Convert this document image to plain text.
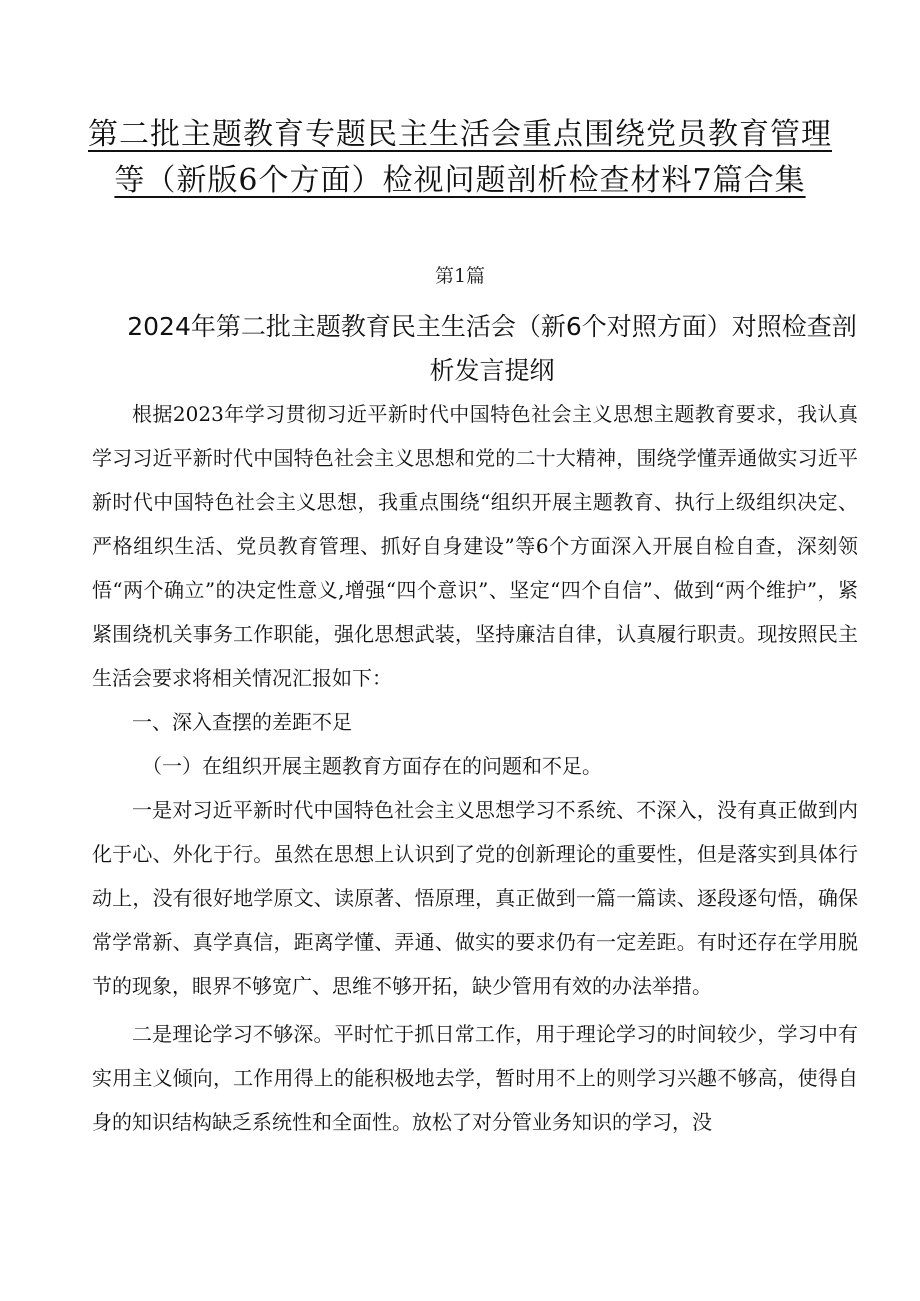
第二批主题教育专题民主生活会重点围绕党员教育管理
等（新版6个方面）检视问题剖析检查材料7篇合集
第1篇
2024年第二批主题教育民主生活会（新6个对照方面）对照检查剖析发言提纲

根据2023年学习贯彻习近平新时代中国特色社会主义思想主题教育要求，我认真学习习近平新时代中国特色社会主义思想和党的二十大精神，围绕学懂弄通做实习近平新时代中国特色社会主义思想，我重点围绕“组织开展主题教育、执行上级组织决定、严格组织生活、党员教育管理、抓好自身建设”等6个方面深入开展自检自查，深刻领悟“两个确立”的决定性意义,增强“四个意识”、坚定“四个自信”、做到“两个维护”，紧紧围绕机关事务工作职能，强化思想武装，坚持廉洁自律，认真履行职责。现按照民主生活会要求将相关情况汇报如下：

一、深入查摆的差距不足

（一）在组织开展主题教育方面存在的问题和不足。

一是对习近平新时代中国特色社会主义思想学习不系统、不深入，没有真正做到内化于心、外化于行。虽然在思想上认识到了党的创新理论的重要性，但是落实到具体行动上，没有很好地学原文、读原著、悟原理，真正做到一篇一篇读、逐段逐句悟，确保常学常新、真学真信，距离学懂、弄通、做实的要求仍有一定差距。有时还存在学用脱节的现象，眼界不够宽广、思维不够开拓，缺少管用有效的办法举措。

二是理论学习不够深。平时忙于抓日常工作，用于理论学习的时间较少，学习中有实用主义倾向，工作用得上的能积极地去学，暂时用不上的则学习兴趣不够高，使得自身的知识结构缺乏系统性和全面性。放松了对分管业务知识的学习，没
